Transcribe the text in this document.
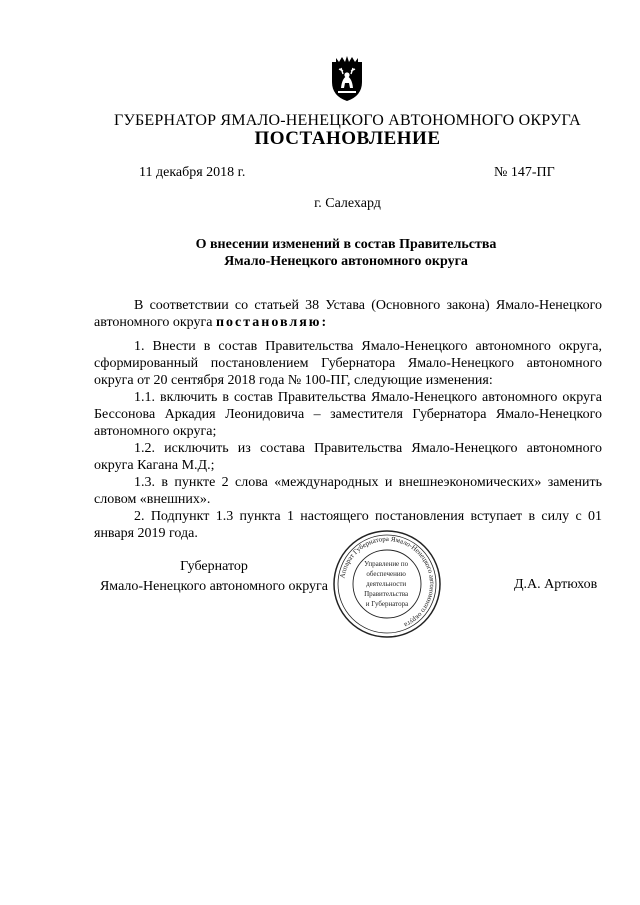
ГУБЕРНАТОР ЯМАЛО-НЕНЕЦКОГО АВТОНОМНОГО ОКРУГА
ПОСТАНОВЛЕНИЕ
11 декабря 2018 г.	№ 147-ПГ
г. Салехард
О внесении изменений в состав Правительства
Ямало-Ненецкого автономного округа
В соответствии со статьей 38 Устава (Основного закона) Ямало-Ненецкого автономного округа постановляю:

1. Внести в состав Правительства Ямало-Ненецкого автономного округа, сформированный постановлением Губернатора Ямало-Ненецкого автономного округа от 20 сентября 2018 года № 100-ПГ, следующие изменения:

1.1. включить в состав Правительства Ямало-Ненецкого автономного округа Бессонова Аркадия Леонидовича – заместителя Губернатора Ямало-Ненецкого автономного округа;

1.2. исключить из состава Правительства Ямало-Ненецкого автономного округа Кагана М.Д.;

1.3. в пункте 2 слова «международных и внешнеэкономических» заменить словом «внешних».

2. Подпункт 1.3 пункта 1 настоящего постановления вступает в силу с 01 января 2019 года.

Губернатор
Ямало-Ненецкого автономного округа	Д.А. Артюхов
Аппарат Губернатора Ямало-Ненецкого автономного округа
Управление по обеспечению деятельности Правительства и Губернатора
